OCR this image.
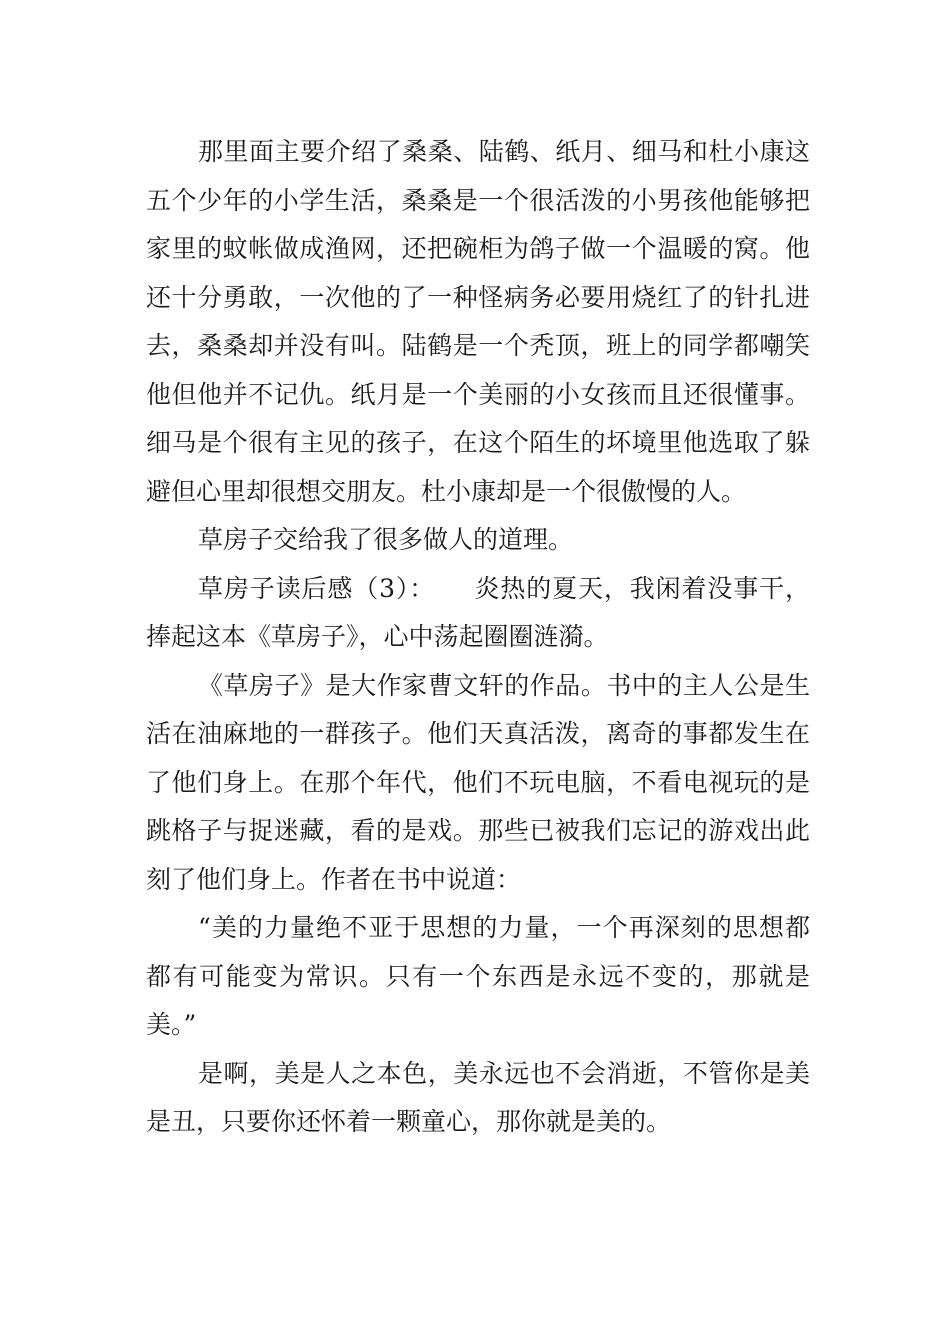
那里面主要介绍了桑桑、陆鹤、纸月、细马和杜小康这五个少年的小学生活，桑桑是一个很活泼的小男孩他能够把家里的蚊帐做成渔网，还把碗柜为鸽子做一个温暖的窝。他还十分勇敢，一次他的了一种怪病务必要用烧红了的针扎进去，桑桑却并没有叫。陆鹤是一个秃顶，班上的同学都嘲笑他但他并不记仇。纸月是一个美丽的小女孩而且还很懂事。细马是个很有主见的孩子，在这个陌生的坏境里他选取了躲避但心里却很想交朋友。杜小康却是一个很傲慢的人。

草房子交给我了很多做人的道理。

草房子读后感（3）：　　炎热的夏天，我闲着没事干，捧起这本《草房子》，心中荡起圈圈涟漪。

《草房子》是大作家曹文轩的作品。书中的主人公是生活在油麻地的一群孩子。他们天真活泼，离奇的事都发生在了他们身上。在那个年代，他们不玩电脑，不看电视玩的是跳格子与捉迷藏，看的是戏。那些已被我们忘记的游戏出此刻了他们身上。作者在书中说道：

“美的力量绝不亚于思想的力量，一个再深刻的思想都都有可能变为常识。只有一个东西是永远不变的，那就是美。”

是啊，美是人之本色，美永远也不会消逝，不管你是美是丑，只要你还怀着一颗童心，那你就是美的。
